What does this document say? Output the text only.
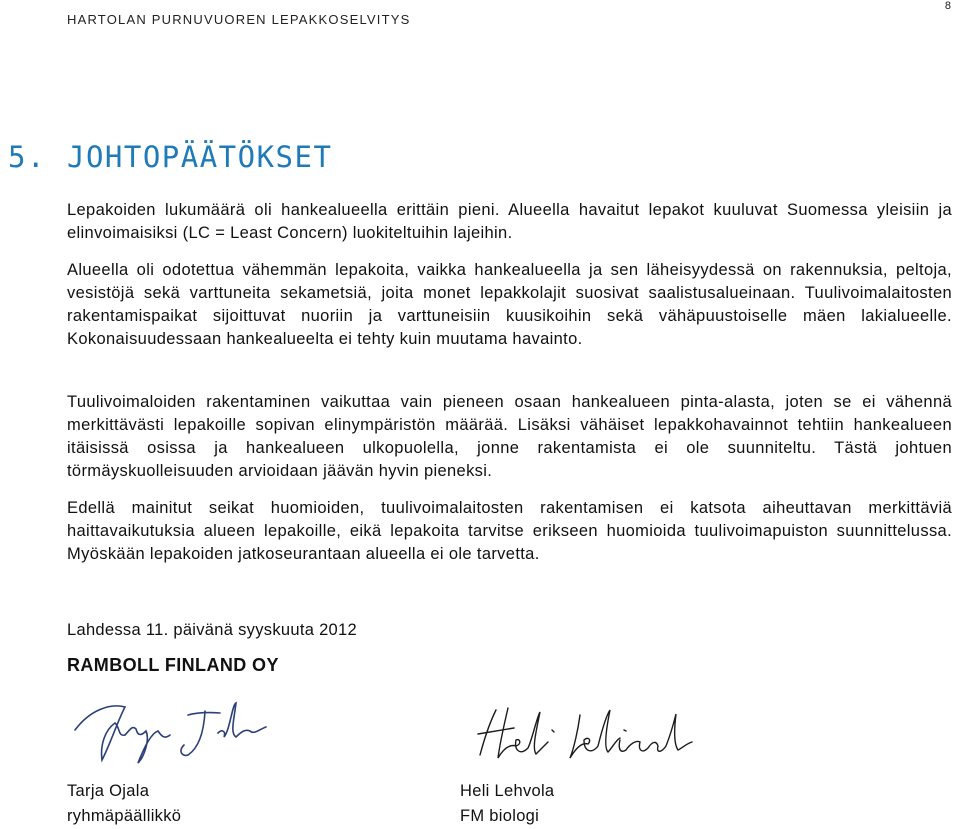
HARTOLAN PURNUVUOREN LEPAKKOSELVITYS
8
5. JOHTOPÄÄTÖKSET
Lepakoiden lukumäärä oli hankealueella erittäin pieni. Alueella havaitut lepakot kuuluvat Suomessa yleisiin ja elinvoimaisiksi (LC = Least Concern) luokiteltuihin lajeihin.
Alueella oli odotettua vähemmän lepakoita, vaikka hankealueella ja sen läheisyydessä on rakennuksia, peltoja, vesistöjä sekä varttuneita sekametsiä, joita monet lepakkolajit suosivat saalistusalueinaan. Tuulivoimalaitosten rakentamispaikat sijoittuvat nuoriin ja varttuneisiin kuusikoihin sekä vähäpuustoiselle mäen lakialueelle. Kokonaisuudessaan hankealueelta ei tehty kuin muutama havainto.
Tuulivoimaloiden rakentaminen vaikuttaa vain pieneen osaan hankealueen pinta-alasta, joten se ei vähennä merkittävästi lepakoille sopivan elinympäristön määrää. Lisäksi vähäiset lepakkohavainnot tehtiin hankealueen itäisissä osissa ja hankealueen ulkopuolella, jonne rakentamista ei ole suunniteltu. Tästä johtuen törmäyskuolleisuuden arvioidaan jäävän hyvin pieneksi.
Edellä mainitut seikat huomioiden, tuulivoimalaitosten rakentamisen ei katsota aiheuttavan merkittäviä haittavaikutuksia alueen lepakoille, eikä lepakoita tarvitse erikseen huomioida tuulivoimapuiston suunnittelussa. Myöskään lepakoiden jatkoseurantaan alueella ei ole tarvetta.
Lahdessa 11. päivänä syyskuuta 2012
RAMBOLL FINLAND OY
Tarja Ojala
ryhmäpäällikkö
Heli Lehvola
FM biologi
